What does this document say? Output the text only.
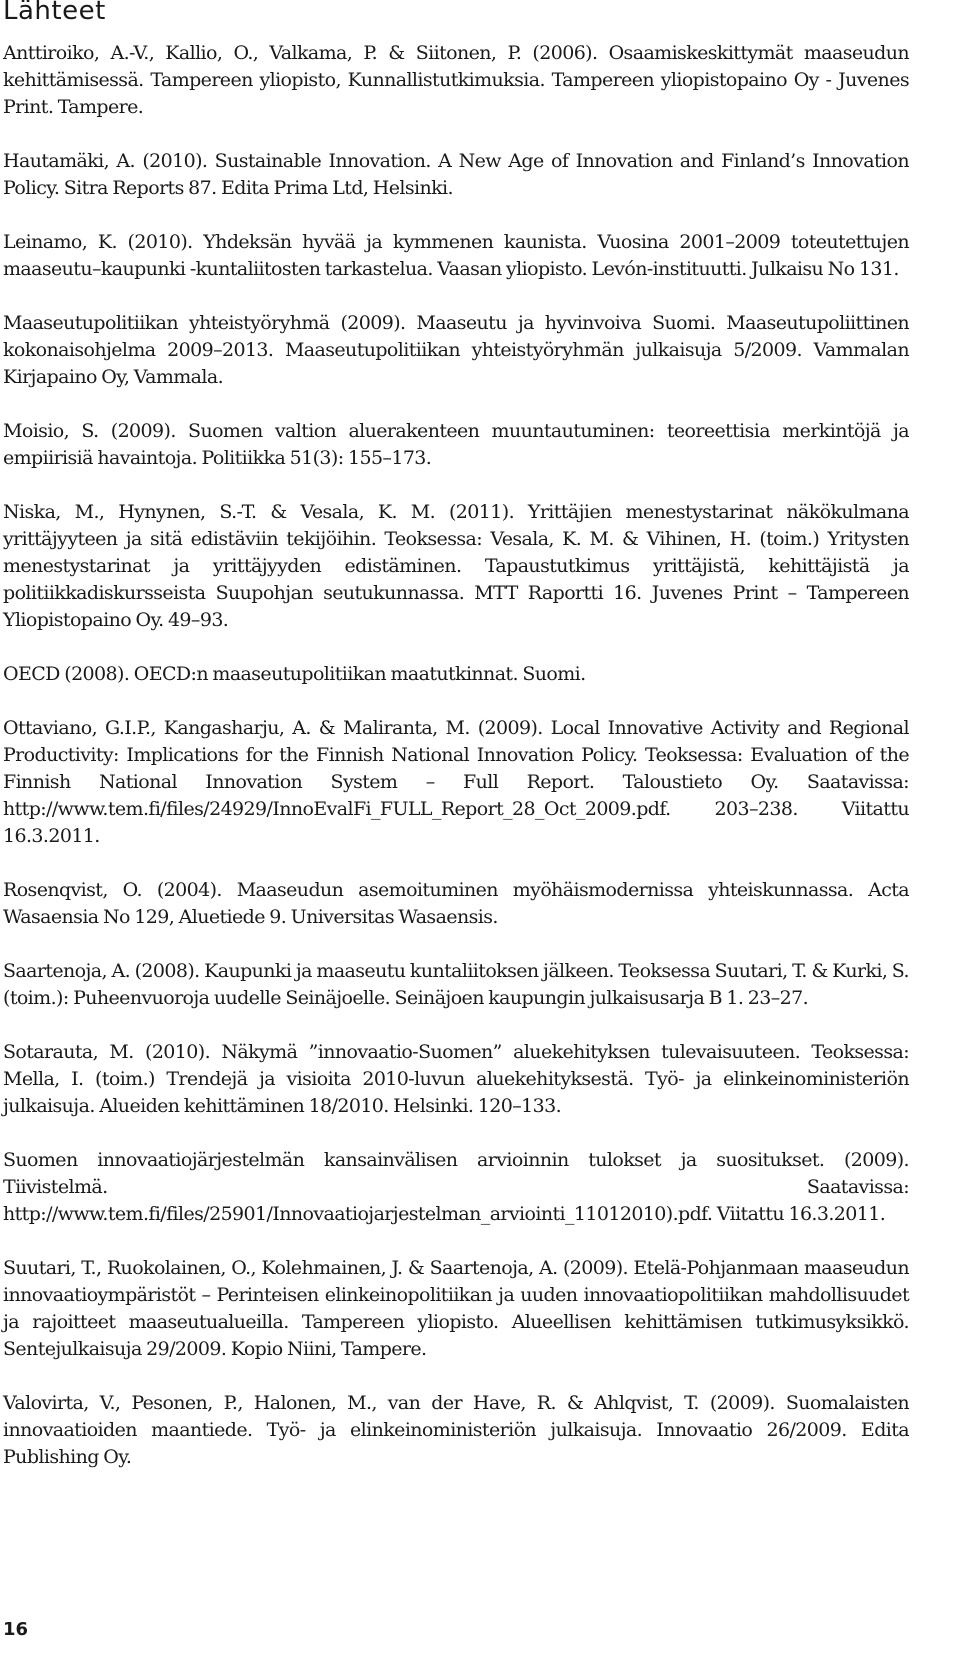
Lähteet
Anttiroiko, A.-V., Kallio, O., Valkama, P. & Siitonen, P. (2006). Osaamiskeskittymät maaseudun kehittämisessä. Tampereen yliopisto, Kunnallistutkimuksia. Tampereen yliopistopaino Oy - Juvenes Print. Tampere.
Hautamäki, A. (2010). Sustainable Innovation. A New Age of Innovation and Finland’s Innovation Policy. Sitra Reports 87. Edita Prima Ltd, Helsinki.
Leinamo, K. (2010). Yhdeksän hyvää ja kymmenen kaunista. Vuosina 2001–2009 toteutettujen maaseutu–kaupunki -kuntaliitosten tarkastelua. Vaasan yliopisto. Levón-instituutti. Julkaisu No 131.
Maaseutupolitiikan yhteistyöryhmä (2009). Maaseutu ja hyvinvoiva Suomi. Maaseutupoliittinen kokonaisohjelma 2009–2013. Maaseutupolitiikan yhteistyöryhmän julkaisuja 5/2009. Vammalan Kirjapaino Oy, Vammala.
Moisio, S. (2009). Suomen valtion aluerakenteen muuntautuminen: teoreettisia merkintöjä ja empiirisiä havaintoja. Politiikka 51(3): 155–173.
Niska, M., Hynynen, S.-T. & Vesala, K. M. (2011). Yrittäjien menestystarinat näkökulmana yrittäjyyteen ja sitä edistäviin tekijöihin. Teoksessa: Vesala, K. M. & Vihinen, H. (toim.) Yritysten menestystarinat ja yrittäjyyden edistäminen. Tapaustutkimus yrittäjistä, kehittäjistä ja politiikkadiskursseista Suupohjan seutukunnassa. MTT Raportti 16. Juvenes Print – Tampereen Yliopistopaino Oy. 49–93.
OECD (2008). OECD:n maaseutupolitiikan maatutkinnat. Suomi.
Ottaviano, G.I.P., Kangasharju, A. & Maliranta, M. (2009). Local Innovative Activity and Regional Productivity: Implications for the Finnish National Innovation Policy. Teoksessa: Evaluation of the Finnish National Innovation System – Full Report. Taloustieto Oy. Saatavissa: http://www.tem.fi/files/24929/InnoEvalFi_FULL_Report_28_Oct_2009.pdf. 203–238. Viitattu 16.3.2011.
Rosenqvist, O. (2004). Maaseudun asemoituminen myöhäismodernissa yhteiskunnassa. Acta Wasaensia No 129, Aluetiede 9. Universitas Wasaensis.
Saartenoja, A. (2008). Kaupunki ja maaseutu kuntaliitoksen jälkeen. Teoksessa Suutari, T. & Kurki, S. (toim.): Puheenvuoroja uudelle Seinäjoelle. Seinäjoen kaupungin julkaisusarja B 1. 23–27.
Sotarauta, M. (2010). Näkymä ”innovaatio-Suomen” aluekehityksen tulevaisuuteen. Teoksessa: Mella, I. (toim.) Trendejä ja visioita 2010-luvun aluekehityksestä. Työ- ja elinkeinoministeriön julkaisuja. Alueiden kehittäminen 18/2010. Helsinki. 120–133.
Suomen innovaatiojärjestelmän kansainvälisen arvioinnin tulokset ja suositukset. (2009). Tiivistelmä. Saatavissa: http://www.tem.fi/files/25901/Innovaatiojarjestelman_arviointi_11012010).pdf. Viitattu 16.3.2011.
Suutari, T., Ruokolainen, O., Kolehmainen, J. & Saartenoja, A. (2009). Etelä-Pohjanmaan maaseudun innovaatioympäristöt – Perinteisen elinkeinopolitiikan ja uuden innovaatiopolitiikan mahdollisuudet ja rajoitteet maaseutualueilla. Tampereen yliopisto. Alueellisen kehittämisen tutkimusyksikkö. Sentejulkaisuja 29/2009. Kopio Niini, Tampere.
Valovirta, V., Pesonen, P., Halonen, M., van der Have, R. & Ahlqvist, T. (2009). Suomalaisten innovaatioiden maantiede. Työ- ja elinkeinoministeriön julkaisuja. Innovaatio 26/2009. Edita Publishing Oy.
16
